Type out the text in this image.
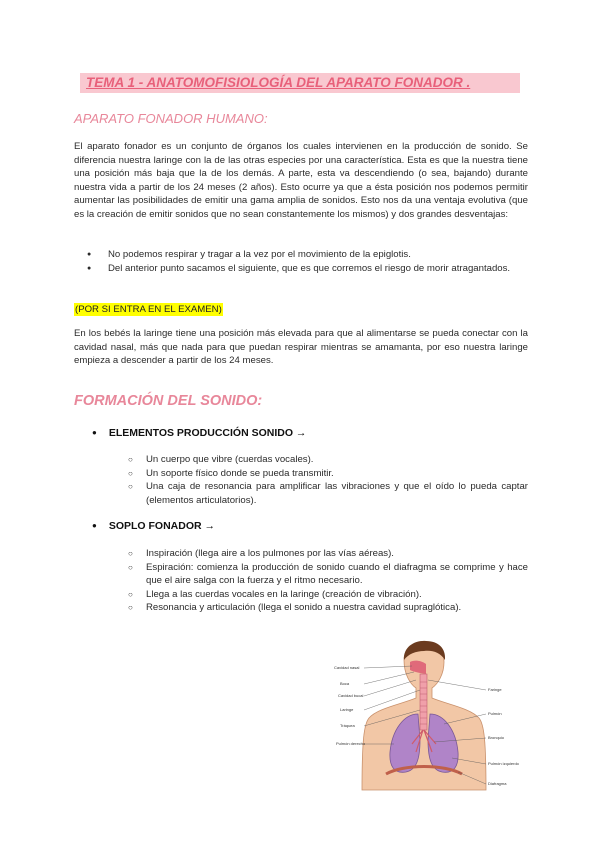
TEMA 1 - ANATOMOFISIOLOGÍA DEL APARATO FONADOR .
APARATO FONADOR HUMANO:
El aparato fonador es un conjunto de órganos los cuales intervienen en la producción de sonido. Se diferencia nuestra laringe con la de las otras especies por una característica. Esta es que la nuestra tiene una posición más baja que la de los demás. A parte, esta va descendiendo (o sea, bajando) durante nuestra vida a partir de los 24 meses (2 años). Esto ocurre ya que a ésta posición nos podemos permitir aumentar las posibilidades de emitir una gama amplia de sonidos. Esto nos da una ventaja evolutiva (que es la creación de emitir sonidos que no sean constantemente los mismos) y dos grandes desventajas:
● No podemos respirar y tragar a la vez por el movimiento de la epiglotis.
● Del anterior punto sacamos el siguiente, que es que corremos el riesgo de morir atragantados.
(POR SI ENTRA EN EL EXAMEN)
En los bebés la laringe tiene una posición más elevada para que al alimentarse se pueda conectar con la cavidad nasal, más que nada para que puedan respirar mientras se amamanta, por eso nuestra laringe empieza a descender a partir de los 24 meses.
FORMACIÓN DEL SONIDO:
● ELEMENTOS PRODUCCIÓN SONIDO →
○ Un cuerpo que vibre (cuerdas vocales).
○ Un soporte físico donde se pueda transmitir.
○ Una caja de resonancia para amplificar las vibraciones y que el oído lo pueda captar (elementos articulatorios).
● SOPLO FONADOR →
○ Inspiración (llega aire a los pulmones por las vías aéreas).
○ Espiración: comienza la producción de sonido cuando el diafragma se comprime y hace que el aire salga con la fuerza y el ritmo necesario.
○ Llega a las cuerdas vocales en la laringe (creación de vibración).
○ Resonancia y articulación (llega el sonido a nuestra cavidad supraglótica).
Cavidad nasal
Boca
Cavidad bucal
Laringe
Tráquea
Pulmón derecho
Faringe
Pulmón
Bronquio
Pulmón izquierdo
Diafragma
